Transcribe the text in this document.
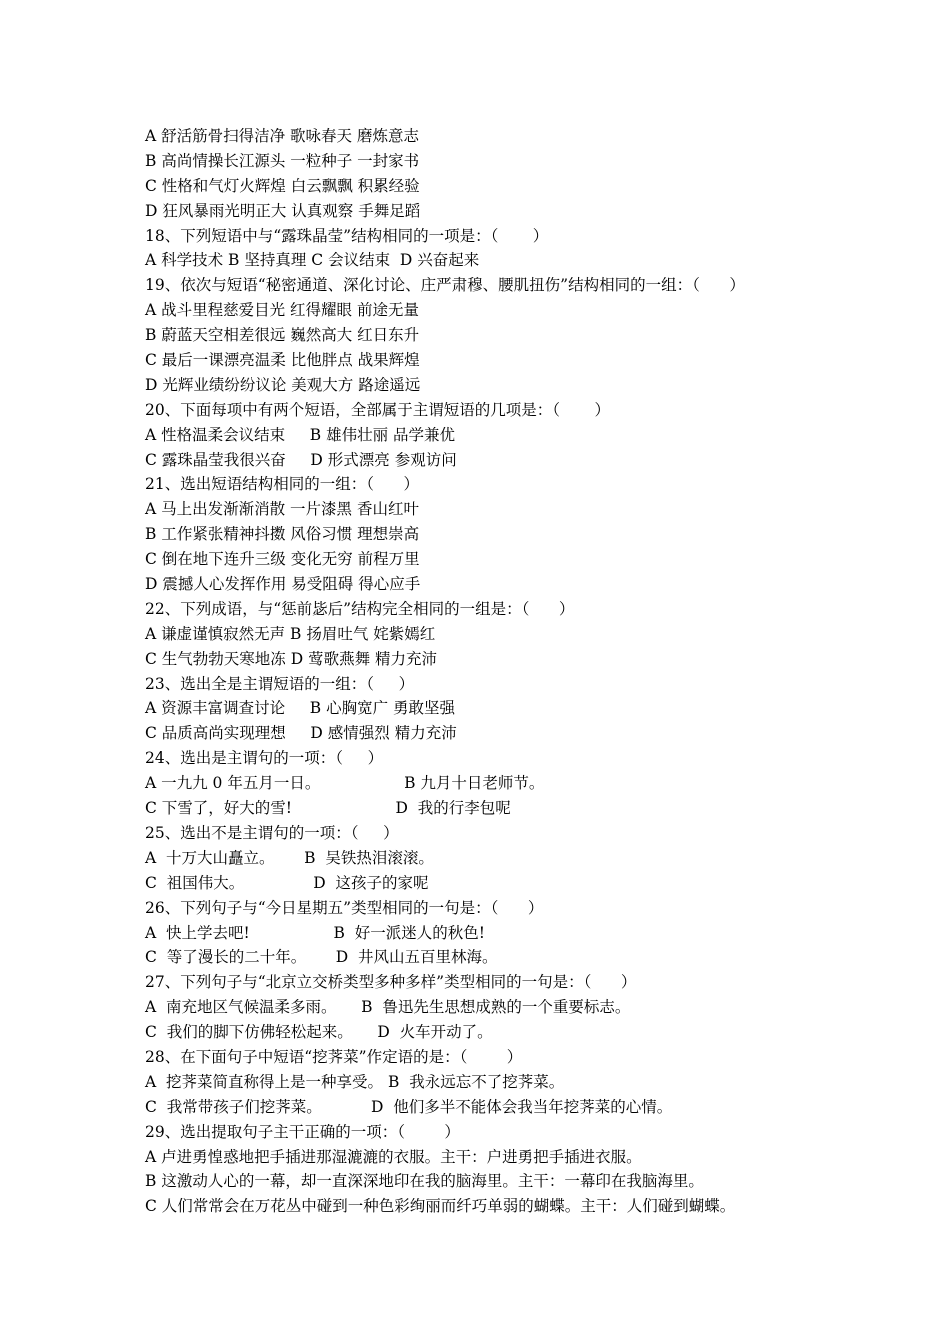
A 舒活筋骨扫得洁净 歌咏春天 磨炼意志
B 高尚情操长江源头 一粒种子 一封家书
C 性格和气灯火辉煌 白云飘飘 积累经验
D 狂风暴雨光明正大 认真观察 手舞足蹈
18、下列短语中与“露珠晶莹”结构相同的一项是：（       ）
A 科学技术 B 坚持真理 C 会议结束  D 兴奋起来
19、依次与短语“秘密通道、深化讨论、庄严肃穆、腰肌扭伤”结构相同的一组：（      ）
A 战斗里程慈爱目光 红得耀眼 前途无量
B 蔚蓝天空相差很远 巍然高大 红日东升
C 最后一课漂亮温柔 比他胖点 战果辉煌
D 光辉业绩纷纷议论 美观大方 路途遥远
20、下面每项中有两个短语，全部属于主谓短语的几项是：（       ）
A 性格温柔会议结束     B 雄伟壮丽 品学兼优
C 露珠晶莹我很兴奋     D 形式漂亮 参观访问
21、选出短语结构相同的一组：（      ）
A 马上出发渐渐消散 一片漆黑 香山红叶
B 工作紧张精神抖擞 风俗习惯 理想崇高
C 倒在地下连升三级 变化无穷 前程万里
D 震撼人心发挥作用 易受阻碍 得心应手
22、下列成语，与“惩前毖后”结构完全相同的一组是：（      ）
A 谦虚谨慎寂然无声 B 扬眉吐气 姹紫嫣红
C 生气勃勃天寒地冻 D 莺歌燕舞 精力充沛
23、选出全是主谓短语的一组：（     ）
A 资源丰富调查讨论     B 心胸宽广 勇敢坚强
C 品质高尚实现理想     D 感情强烈 精力充沛
24、选出是主谓句的一项：（     ）
A 一九九 0 年五月一日。                 B 九月十日老师节。
C 下雪了，好大的雪!                     D  我的行李包呢
25、选出不是主谓句的一项：（     ）
A  十万大山矗立。      B  吴铁热泪滚滚。
C  祖国伟大。              D  这孩子的家呢
26、下列句子与“今日星期五”类型相同的一句是：（      ）
A  快上学去吧!                 B  好一派迷人的秋色!
C  等了漫长的二十年。      D  井风山五百里林海。
27、下列句子与“北京立交桥类型多种多样”类型相同的一句是：（      ）
A  南充地区气候温柔多雨。     B  鲁迅先生思想成熟的一个重要标志。
C  我们的脚下仿佛轻松起来。     D  火车开动了。
28、在下面句子中短语“挖荠菜”作定语的是：（        ）
A  挖荠菜简直称得上是一种享受。 B  我永远忘不了挖荠菜。
C  我常带孩子们挖荠菜。          D  他们多半不能体会我当年挖荠菜的心情。
29、选出提取句子主干正确的一项：（        ）
A 卢进勇惶惑地把手插进那湿漉漉的衣服。主干：户进勇把手插进衣服。
B 这激动人心的一幕，却一直深深地印在我的脑海里。主干：一幕印在我脑海里。
C 人们常常会在万花丛中碰到一种色彩绚丽而纤巧单弱的蝴蝶。主干：人们碰到蝴蝶。
